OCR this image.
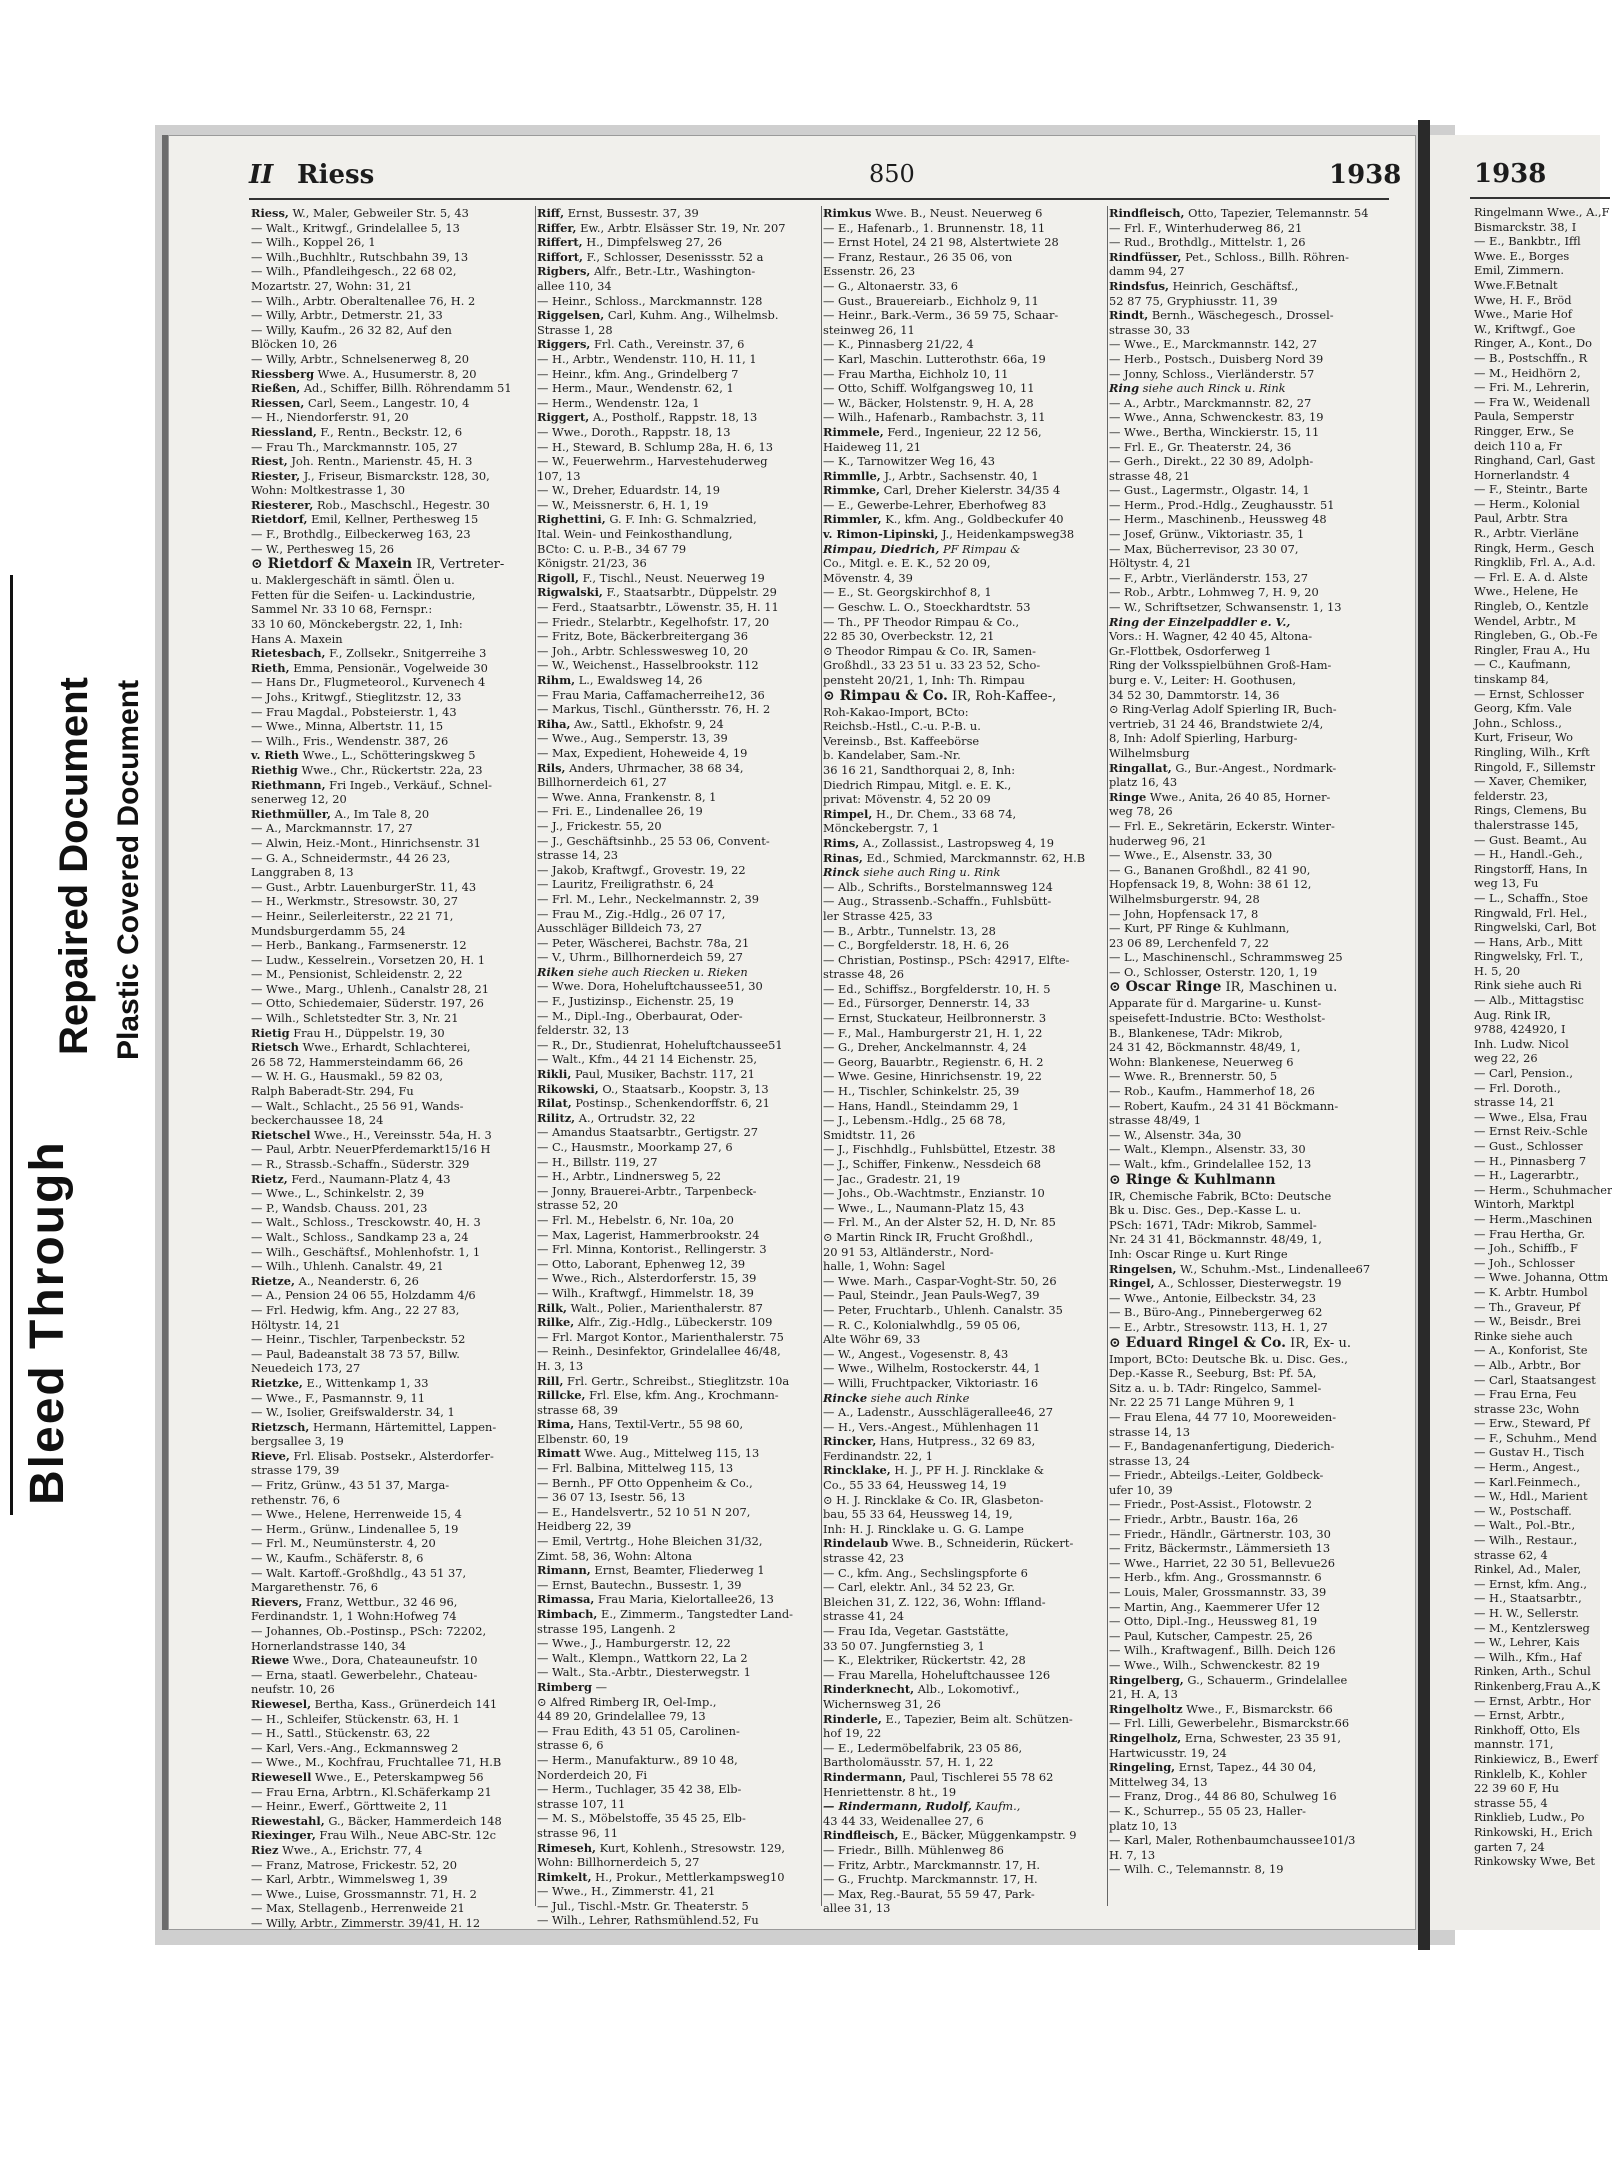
Bleed Through
Repaired Document Plastic Covered Document
II Riess	850	1938
Riess, W., Maler, Gebweiler Str. 5, 43
— Walt., Kritwgf., Grindelallee 5, 13
— Wilh., Koppel 26, 1
— Wilh.,Buchhltr., Rutschbahn 39, 13
— Wilh., Pfandleihgesch., 22 68 02,
Mozartstr. 27, Wohn: 31, 21
— Wilh., Arbtr. Oberaltenallee 76, H. 2
— Willy, Arbtr., Detmerstr. 21, 33
— Willy, Kaufm., 26 32 82, Auf den
Blöcken 10, 26
— Willy, Arbtr., Schnelsenerweg 8, 20
Riessberg Wwe. A., Husumerstr. 8, 20
Rießen, Ad., Schiffer, Billh. Röhrendamm 51
Riessen, Carl, Seem., Langestr. 10, 4
— H., Niendorferstr. 91, 20
Riessland, F., Rentn., Beckstr. 12, 6
— Frau Th., Marckmannstr. 105, 27
Riest, Joh. Rentn., Marienstr. 45, H. 3
Riester, J., Friseur, Bismarckstr. 128, 30,
Wohn: Moltkestrasse 1, 30
Riesterer, Rob., Maschschl., Hegestr. 30
Rietdorf, Emil, Kellner, Perthesweg 15
— F., Brothdlg., Eilbeckerweg 163, 23
— W., Perthesweg 15, 26
⊙ Rietdorf & Maxein IR, Vertreter-
u. Maklergeschäft in sämtl. Ölen u.
Fetten für die Seifen- u. Lackindustrie,
Sammel Nr. 33 10 68, Fernspr.:
33 10 60, Mönckebergstr. 22, 1, Inh:
Hans A. Maxein
Rietesbach, F., Zollsekr., Snitgerreihe 3
Rieth, Emma, Pensionär., Vogelweide 30
— Hans Dr., Flugmeteorol., Kurvenech 4
— Johs., Kritwgf., Stieglitzstr. 12, 33
— Frau Magdal., Pobsteierstr. 1, 43
— Wwe., Minna, Albertstr. 11, 15
— Wilh., Fris., Wendenstr. 387, 26
v. Rieth Wwe., L., Schötteringskweg 5
Riethig Wwe., Chr., Rückertstr. 22a, 23
Riethmann, Fri Ingeb., Verkäuf., Schnel-
senerweg 12, 20
Riethmüller, A., Im Tale 8, 20
— A., Marckmannstr. 17, 27
— Alwin, Heiz.-Mont., Hinrichsenstr. 31
— G. A., Schneidermstr., 44 26 23,
Langgraben 8, 13
— Gust., Arbtr. LauenburgerStr. 11, 43
— H., Werkmstr., Stresowstr. 30, 27
— Heinr., Seilerleiterstr., 22 21 71,
Mundsburgerdamm 55, 24
— Herb., Bankang., Farmsenerstr. 12
— Ludw., Kesselrein., Vorsetzen 20, H. 1
— M., Pensionist, Schleidenstr. 2, 22
— Wwe., Marg., Uhlenh., Canalstr 28, 21
— Otto, Schiedemaier, Süderstr. 197, 26
— Wilh., Schletstedter Str. 3, Nr. 21
Rietig Frau H., Düppelstr. 19, 30
Rietsch Wwe., Erhardt, Schlachterei,
26 58 72, Hammersteindamm 66, 26
— W. H. G., Hausmakl., 59 82 03,
Ralph Baberadt-Str. 294, Fu
— Walt., Schlacht., 25 56 91, Wands-
beckerchaussee 18, 24
Rietschel Wwe., H., Vereinsstr. 54a, H. 3
— Paul, Arbtr. NeuerPferdemarkt15/16 H
— R., Strassb.-Schaffn., Süderstr. 329
Rietz, Ferd., Naumann-Platz 4, 43
— Wwe., L., Schinkelstr. 2, 39
— P., Wandsb. Chauss. 201, 23
— Walt., Schloss., Tresckowstr. 40, H. 3
— Walt., Schloss., Sandkamp 23 a, 24
— Wilh., Geschäftsf., Mohlenhofstr. 1, 1
— Wilh., Uhlenh. Canalstr. 49, 21
Rietze, A., Neanderstr. 6, 26
— A., Pension 24 06 55, Holzdamm 4/6
— Frl. Hedwig, kfm. Ang., 22 27 83,
Höltystr. 14, 21
— Heinr., Tischler, Tarpenbeckstr. 52
— Paul, Badeanstalt 38 73 57, Billw.
Neuedeich 173, 27
Rietzke, E., Wittenkamp 1, 33
— Wwe., F., Pasmannstr. 9, 11
— W., Isolier, Greifswalderstr. 34, 1
Rietzsch, Hermann, Härtemittel, Lappen-
bergsallee 3, 19
Rieve, Frl. Elisab. Postsekr., Alsterdorfer-
strasse 179, 39
— Fritz, Grünw., 43 51 37, Marga-
rethenstr. 76, 6
— Wwe., Helene, Herrenweide 15, 4
— Herm., Grünw., Lindenallee 5, 19
— Frl. M., Neumünsterstr. 4, 20
— W., Kaufm., Schäferstr. 8, 6
— Walt. Kartoff.-Großhdlg., 43 51 37,
Margarethenstr. 76, 6
Rievers, Franz, Wettbur., 32 46 96,
Ferdinandstr. 1, 1 Wohn:Hofweg 74
— Johannes, Ob.-Postinsp., PSch: 72202,
Hornerlandstrasse 140, 34
Riewe Wwe., Dora, Chateauneufstr. 10
— Erna, staatl. Gewerbelehr., Chateau-
neufstr. 10, 26
Riewesel, Bertha, Kass., Grünerdeich 141
— H., Schleifer, Stückenstr. 63, H. 1
— H., Sattl., Stückenstr. 63, 22
— Karl, Vers.-Ang., Eckmannsweg 2
— Wwe., M., Kochfrau, Fruchtallee 71, H.B
Riewesell Wwe., E., Peterskampweg 56
— Frau Erna, Arbtrn., Kl.Schäferkamp 21
— Heinr., Ewerf., Görttweite 2, 11
Riewestahl, G., Bäcker, Hammerdeich 148
Riexinger, Frau Wilh., Neue ABC-Str. 12c
Riez Wwe., A., Erichstr. 77, 4
— Franz, Matrose, Frickestr. 52, 20
— Karl, Arbtr., Wimmelsweg 1, 39
— Wwe., Luise, Grossmannstr. 71, H. 2
— Max, Stellagenb., Herrenweide 21
— Willy, Arbtr., Zimmerstr. 39/41, H. 12
Riff, Ernst, Bussestr. 37, 39
Riffer, Ew., Arbtr. Elsässer Str. 19, Nr. 207
Riffert, H., Dimpfelsweg 27, 26
Riffort, F., Schlosser, Desenissstr. 52 a
Rigbers, Alfr., Betr.-Ltr., Washington-
allee 110, 34
— Heinr., Schloss., Marckmannstr. 128
Riggelsen, Carl, Kuhm. Ang., Wilhelmsb.
Strasse 1, 28
Riggers, Frl. Cath., Vereinstr. 37, 6
— H., Arbtr., Wendenstr. 110, H. 11, 1
— Heinr., kfm. Ang., Grindelberg 7
— Herm., Maur., Wendenstr. 62, 1
— Herm., Wendenstr. 12a, 1
Riggert, A., Postholf., Rappstr. 18, 13
— Wwe., Doroth., Rappstr. 18, 13
— H., Steward, B. Schlump 28a, H. 6, 13
— W., Feuerwehrm., Harvestehuderweg
107, 13
— W., Dreher, Eduardstr. 14, 19
— W., Meissnerstr. 6, H. 1, 19
Righettini, G. F. Inh: G. Schmalzried,
Ital. Wein- und Feinkosthandlung,
BCto: C. u. P.-B., 34 67 79
Königstr. 21/23, 36
Rigoll, F., Tischl., Neust. Neuerweg 19
Rigwalski, F., Staatsarbtr., Düppelstr. 29
— Ferd., Staatsarbtr., Löwenstr. 35, H. 11
— Friedr., Stelarbtr., Kegelhofstr. 17, 20
— Fritz, Bote, Bäckerbreitergang 36
— Joh., Arbtr. Schlesswesweg 10, 20
— W., Weichenst., Hasselbrookstr. 112
Rihm, L., Ewaldsweg 14, 26
— Frau Maria, Caffamacherreihe12, 36
— Markus, Tischl., Günthersstr. 76, H. 2
Riha, Aw., Sattl., Ekhofstr. 9, 24
— Wwe., Aug., Semperstr. 13, 39
— Max, Expedient, Hoheweide 4, 19
Rils, Anders, Uhrmacher, 38 68 34,
Billhornerdeich 61, 27
— Wwe. Anna, Frankenstr. 8, 1
— Fri. E., Lindenallee 26, 19
— J., Frickestr. 55, 20
— J., Geschäftsinhb., 25 53 06, Convent-
strasse 14, 23
— Jakob, Kraftwgf., Grovestr. 19, 22
— Lauritz, Freiligrathstr. 6, 24
— Frl. M., Lehr., Neckelmannstr. 2, 39
— Frau M., Zig.-Hdlg., 26 07 17,
Ausschläger Billdeich 73, 27
— Peter, Wäscherei, Bachstr. 78a, 21
— V., Uhrm., Billhornerdeich 59, 27
Riken siehe auch Riecken u. Rieken
— Wwe. Dora, Hoheluftchaussee51, 30
— F., Justizinsp., Eichenstr. 25, 19
— M., Dipl.-Ing., Oberbaurat, Oder-
felderstr. 32, 13
— R., Dr., Studienrat, Hoheluftchaussee51
— Walt., Kfm., 44 21 14 Eichenstr. 25,
Rikli, Paul, Musiker, Bachstr. 117, 21
Rikowski, O., Staatsarb., Koopstr. 3, 13
Rilat, Postinsp., Schenkendorffstr. 6, 21
Rilitz, A., Ortrudstr. 32, 22
— Amandus Staatsarbtr., Gertigstr. 27
— C., Hausmstr., Moorkamp 27, 6
— H., Billstr. 119, 27
— H., Arbtr., Lindnersweg 5, 22
— Jonny, Brauerei-Arbtr., Tarpenbeck-
strasse 52, 20
— Frl. M., Hebelstr. 6, Nr. 10a, 20
— Max, Lagerist, Hammerbrookstr. 24
— Frl. Minna, Kontorist., Rellingerstr. 3
— Otto, Laborant, Ephenweg 12, 39
— Wwe., Rich., Alsterdorferstr. 15, 39
— Wilh., Kraftwgf., Himmelstr. 18, 39
Rilk, Walt., Polier., Marienthalerstr. 87
Rilke, Alfr., Zig.-Hdlg., Lübeckerstr. 109
— Frl. Margot Kontor., Marienthalerstr. 75
— Reinh., Desinfektor, Grindelallee 46/48,
H. 3, 13
Rill, Frl. Gertr., Schreibst., Stieglitzstr. 10a
Rillcke, Frl. Else, kfm. Ang., Krochmann-
strasse 68, 39
Rima, Hans, Textil-Vertr., 55 98 60,
Elbenstr. 60, 19
Rimatt Wwe. Aug., Mittelweg 115, 13
— Frl. Balbina, Mittelweg 115, 13
— Bernh., PF Otto Oppenheim & Co.,
— 36 07 13, Isestr. 56, 13
— E., Handelsvertr., 52 10 51 N 207,
Heidberg 22, 39
— Emil, Vertrtg., Hohe Bleichen 31/32,
Zimt. 58, 36, Wohn: Altona
Rimann, Ernst, Beamter, Fliederweg 1
— Ernst, Bautechn., Bussestr. 1, 39
Rimassa, Frau Maria, Kielortallee26, 13
Rimbach, E., Zimmerm., Tangstedter Land-
strasse 195, Langenh. 2
— Wwe., J., Hamburgerstr. 12, 22
— Walt., Klempn., Wattkorn 22, La 2
— Walt., Sta.-Arbtr., Diesterwegstr. 1
Rimberg —
⊙ Alfred Rimberg IR, Oel-Imp.,
44 89 20, Grindelallee 79, 13
— Frau Edith, 43 51 05, Carolinen-
strasse 6, 6
— Herm., Manufakturw., 89 10 48,
Norderdeich 20, Fi
— Herm., Tuchlager, 35 42 38, Elb-
strasse 107, 11
— M. S., Möbelstoffe, 35 45 25, Elb-
strasse 96, 11
Rimeseh, Kurt, Kohlenh., Stresowstr. 129,
Wohn: Billhornerdeich 5, 27
Rimkelt, H., Prokur., Mettlerkampsweg10
— Wwe., H., Zimmerstr. 41, 21
— Jul., Tischl.-Mstr. Gr. Theaterstr. 5
— Wilh., Lehrer, Rathsmühlend.52, Fu
Rimkus Wwe. B., Neust. Neuerweg 6
— E., Hafenarb., 1. Brunnenstr. 18, 11
— Ernst Hotel, 24 21 98, Alstertwiete 28
— Franz, Restaur., 26 35 06, von
Essenstr. 26, 23
— G., Altonaerstr. 33, 6
— Gust., Brauereiarb., Eichholz 9, 11
— Heinr., Bark.-Verm., 36 59 75, Schaar-
steinweg 26, 11
— K., Pinnasberg 21/22, 4
— Karl, Maschin. Lutterothstr. 66a, 19
— Frau Martha, Eichholz 10, 11
— Otto, Schiff. Wolfgangsweg 10, 11
— W., Bäcker, Holstenstr. 9, H. A, 28
— Wilh., Hafenarb., Rambachstr. 3, 11
Rimmele, Ferd., Ingenieur, 22 12 56,
Haideweg 11, 21
— K., Tarnowitzer Weg 16, 43
Rimmlle, J., Arbtr., Sachsenstr. 40, 1
Rimmke, Carl, Dreher Kielerstr. 34/35 4
— E., Gewerbe-Lehrer, Eberhofweg 83
Rimmler, K., kfm. Ang., Goldbeckufer 40
v. Rimon-Lipinski, J., Heidenkampsweg38
Rimpau, Diedrich, PF Rimpau &
Co., Mitgl. e. E. K., 52 20 09,
Mövenstr. 4, 39
— E., St. Georgskirchhof 8, 1
— Geschw. L. O., Stoeckhardtstr. 53
— Th., PF Theodor Rimpau & Co.,
22 85 30, Overbeckstr. 12, 21
⊙ Theodor Rimpau & Co. IR, Samen-
Großhdl., 33 23 51 u. 33 23 52, Scho-
pensteht 20/21, 1, Inh: Th. Rimpau
⊙ Rimpau & Co. IR, Roh-Kaffee-,
Roh-Kakao-Import, BCto:
Reichsb.-Hstl., C.-u. P.-B. u.
Vereinsb., Bst. Kaffeebörse
b. Kandelaber, Sam.-Nr.
36 16 21, Sandthorquai 2, 8, Inh:
Diedrich Rimpau, Mitgl. e. E. K.,
privat: Mövenstr. 4, 52 20 09
Rimpel, H., Dr. Chem., 33 68 74,
Mönckebergstr. 7, 1
Rims, A., Zollassist., Lastropsweg 4, 19
Rinas, Ed., Schmied, Marckmannstr. 62, H.B
Rinck siehe auch Ring u. Rink
— Alb., Schrifts., Borstelmannsweg 124
— Aug., Strassenb.-Schaffn., Fuhlsbütt-
ler Strasse 425, 33
— B., Arbtr., Tunnelstr. 13, 28
— C., Borgfelderstr. 18, H. 6, 26
— Christian, Postinsp., PSch: 42917, Elfte-
strasse 48, 26
— Ed., Schiffsz., Borgfelderstr. 10, H. 5
— Ed., Fürsorger, Dennerstr. 14, 33
— Ernst, Stuckateur, Heilbronnerstr. 3
— F., Mal., Hamburgerstr 21, H. 1, 22
— G., Dreher, Anckelmannstr. 4, 24
— Georg, Bauarbtr., Regienstr. 6, H. 2
— Wwe. Gesine, Hinrichsenstr. 19, 22
— H., Tischler, Schinkelstr. 25, 39
— Hans, Handl., Steindamm 29, 1
— J., Lebensm.-Hdlg., 25 68 78,
Smidtstr. 11, 26
— J., Fischhdlg., Fuhlsbüttel, Etzestr. 38
— J., Schiffer, Finkenw., Nessdeich 68
— Jac., Gradestr. 21, 19
— Johs., Ob.-Wachtmstr., Enzianstr. 10
— Wwe., L., Naumann-Platz 15, 43
— Frl. M., An der Alster 52, H. D, Nr. 85
⊙ Martin Rinck IR, Frucht Großhdl.,
20 91 53, Altländerstr., Nord-
halle, 1, Wohn: Sagel
— Wwe. Marh., Caspar-Voght-Str. 50, 26
— Paul, Steindr., Jean Pauls-Weg7, 39
— Peter, Fruchtarb., Uhlenh. Canalstr. 35
— R. C., Kolonialwhdlg., 59 05 06,
Alte Wöhr 69, 33
— W., Angest., Vogesenstr. 8, 43
— Wwe., Wilhelm, Rostockerstr. 44, 1
— Willi, Fruchtpacker, Viktoriastr. 16
Rincke siehe auch Rinke
— A., Ladenstr., Ausschlägerallee46, 27
— H., Vers.-Angest., Mühlenhagen 11
Rincker, Hans, Hutpress., 32 69 83,
Ferdinandstr. 22, 1
Rincklake, H. J., PF H. J. Rincklake &
Co., 55 33 64, Heussweg 14, 19
⊙ H. J. Rincklake & Co. IR, Glasbeton-
bau, 55 33 64, Heussweg 14, 19,
Inh: H. J. Rincklake u. G. G. Lampe
Rindelaub Wwe. B., Schneiderin, Rückert-
strasse 42, 23
— C., kfm. Ang., Sechslingspforte 6
— Carl, elektr. Anl., 34 52 23, Gr.
Bleichen 31, Z. 122, 36, Wohn: Iffland-
strasse 41, 24
— Frau Ida, Vegetar. Gaststätte,
33 50 07. Jungfernstieg 3, 1
— K., Elektriker, Rückertstr. 42, 28
— Frau Marella, Hoheluftchaussee 126
Rinderknecht, Alb., Lokomotivf.,
Wichernsweg 31, 26
Rinderle, E., Tapezier, Beim alt. Schützen-
hof 19, 22
— E., Ledermöbelfabrik, 23 05 86,
Bartholomäusstr. 57, H. 1, 22
Rindermann, Paul, Tischlerei 55 78 62
Henriettenstr. 8 ht., 19
— Rindermann, Rudolf, Kaufm.,
43 44 33, Weidenallee 27, 6
Rindfleisch, E., Bäcker, Müggenkampstr. 9
— Friedr., Billh. Mühlenweg 86
— Fritz, Arbtr., Marckmannstr. 17, H.
— G., Fruchtp. Marckmannstr. 17, H.
— Max, Reg.-Baurat, 55 59 47, Park-
allee 31, 13
Rindfleisch, Otto, Tapezier, Telemannstr. 54
— Frl. F., Winterhuderweg 86, 21
— Rud., Brothdlg., Mittelstr. 1, 26
Rindfüsser, Pet., Schloss., Billh. Röhren-
damm 94, 27
Rindsfus, Heinrich, Geschäftsf.,
52 87 75, Gryphiusstr. 11, 39
Rindt, Bernh., Wäschegesch., Drossel-
strasse 30, 33
— Wwe., E., Marckmannstr. 142, 27
— Herb., Postsch., Duisberg Nord 39
— Jonny, Schloss., Vierländerstr. 57
Ring siehe auch Rinck u. Rink
— A., Arbtr., Marckmannstr. 82, 27
— Wwe., Anna, Schwenckestr. 83, 19
— Wwe., Bertha, Winckierstr. 15, 11
— Frl. E., Gr. Theaterstr. 24, 36
— Gerh., Direkt., 22 30 89, Adolph-
strasse 48, 21
— Gust., Lagermstr., Olgastr. 14, 1
— Herm., Prod.-Hdlg., Zeughausstr. 51
— Herm., Maschinenb., Heussweg 48
— Josef, Grünw., Viktoriastr. 35, 1
— Max, Bücherrevisor, 23 30 07,
Höltystr. 4, 21
— F., Arbtr., Vierländerstr. 153, 27
— Rob., Arbtr., Lohmweg 7, H. 9, 20
— W., Schriftsetzer, Schwansenstr. 1, 13
Ring der Einzelpaddler e. V.,
Vors.: H. Wagner, 42 40 45, Altona-
Gr.-Flottbek, Osdorferweg 1
Ring der Volksspielbühnen Groß-Ham-
burg e. V., Leiter: H. Goothusen,
34 52 30, Dammtorstr. 14, 36
⊙ Ring-Verlag Adolf Spierling IR, Buch-
vertrieb, 31 24 46, Brandstwiete 2/4,
8, Inh: Adolf Spierling, Harburg-
Wilhelmsburg
Ringallat, G., Bur.-Angest., Nordmark-
platz 16, 43
Ringe Wwe., Anita, 26 40 85, Horner-
weg 78, 26
— Frl. E., Sekretärin, Eckerstr. Winter-
huderweg 96, 21
— Wwe., E., Alsenstr. 33, 30
— G., Bananen Großhdl., 82 41 90,
Hopfensack 19, 8, Wohn: 38 61 12,
Wilhelmsburgerstr. 94, 28
— John, Hopfensack 17, 8
— Kurt, PF Ringe & Kuhlmann,
23 06 89, Lerchenfeld 7, 22
— L., Maschinenschl., Schrammsweg 25
— O., Schlosser, Osterstr. 120, 1, 19
⊙ Oscar Ringe IR, Maschinen u.
Apparate für d. Margarine- u. Kunst-
speisefett-Industrie. BCto: Westholst-
B., Blankenese, TAdr: Mikrob,
24 31 42, Böckmannstr. 48/49, 1,
Wohn: Blankenese, Neuerweg 6
— Wwe. R., Brennerstr. 50, 5
— Rob., Kaufm., Hammerhof 18, 26
— Robert, Kaufm., 24 31 41 Böckmann-
strasse 48/49, 1
— W., Alsenstr. 34a, 30
— Walt., Klempn., Alsenstr. 33, 30
— Walt., kfm., Grindelallee 152, 13
⊙ Ringe & Kuhlmann
IR, Chemische Fabrik, BCto: Deutsche
Bk u. Disc. Ges., Dep.-Kasse L. u.
PSch: 1671, TAdr: Mikrob, Sammel-
Nr. 24 31 41, Böckmannstr. 48/49, 1,
Inh: Oscar Ringe u. Kurt Ringe
Ringelsen, W., Schuhm.-Mst., Lindenallee67
Ringel, A., Schlosser, Diesterwegstr. 19
— Wwe., Antonie, Eilbeckstr. 34, 23
— B., Büro-Ang., Pinnebergerweg 62
— E., Arbtr., Stresowstr. 113, H. 1, 27
⊙ Eduard Ringel & Co. IR, Ex- u.
Import, BCto: Deutsche Bk. u. Disc. Ges.,
Dep.-Kasse R., Seeburg, Bst: Pf. 5A,
Sitz a. u. b. TAdr: Ringelco, Sammel-
Nr. 22 25 71 Lange Mühren 9, 1
— Frau Elena, 44 77 10, Mooreweiden-
strasse 14, 13
— F., Bandagenanfertigung, Diederich-
strasse 13, 24
— Friedr., Abteilgs.-Leiter, Goldbeck-
ufer 10, 39
— Friedr., Post-Assist., Flotowstr. 2
— Friedr., Arbtr., Baustr. 16a, 26
— Friedr., Händlr., Gärtnerstr. 103, 30
— Fritz, Bäckermstr., Lämmersieth 13
— Wwe., Harriet, 22 30 51, Bellevue26
— Herb., kfm. Ang., Grossmannstr. 6
— Louis, Maler, Grossmannstr. 33, 39
— Martin, Ang., Kaemmerer Ufer 12
— Otto, Dipl.-Ing., Heussweg 81, 19
— Paul, Kutscher, Campestr. 25, 26
— Wilh., Kraftwagenf., Billh. Deich 126
— Wwe., Wilh., Schwenckestr. 82 19
Ringelberg, G., Schauerm., Grindelallee
21, H. A, 13
Ringelholtz Wwe., F., Bismarckstr. 66
— Frl. Lilli, Gewerbelehr., Bismarckstr.66
Ringelholz, Erna, Schwester, 23 35 91,
Hartwicusstr. 19, 24
Ringeling, Ernst, Tapez., 44 30 04,
Mittelweg 34, 13
— Franz, Drog., 44 86 80, Schulweg 16
— K., Schurrep., 55 05 23, Haller-
platz 10, 13
— Karl, Maler, Rothenbaumchaussee101/3
H. 7, 13
— Wilh. C., Telemannstr. 8, 19
1938
Ringelmann Wwe., A.,F
Bismarckstr. 38, I
— E., Bankbtr., Iffl
Wwe. E., Borges
Emil, Zimmern.
Wwe.F.Betnalt
Wwe, H. F., Bröd
Wwe., Marie Hof
W., Kriftwgf., Goe
Ringer, A., Kont., Do
— B., Postschffn., R
— M., Heidhörn 2,
— Fri. M., Lehrerin,
— Fra W., Weidenall
Paula, Semperstr
Ringger, Erw., Se
deich 110 a, Fr
Ringhand, Carl, Gast
Hornerlandstr. 4
— F., Steintr., Barte
— Herm., Kolonial
Paul, Arbtr. Stra
R., Arbtr. Vierläne
Ringk, Herm., Gesch
Ringklib, Frl. A., A.d.
— Frl. E. A. d. Alste
Wwe., Helene, He
Ringleb, O., Kentzle
Wendel, Arbtr., M
Ringleben, G., Ob.-Fe
Ringler, Frau A., Hu
— C., Kaufmann,
tinskamp 84,
— Ernst, Schlosser
Georg, Kfm. Vale
John., Schloss.,
Kurt, Friseur, Wo
Ringling, Wilh., Krft
Ringold, F., Sillemstr
— Xaver, Chemiker,
felderstr. 23,
Rings, Clemens, Bu
thalerstrasse 145,
— Gust. Beamt., Au
— H., Handl.-Geh.,
Ringstorff, Hans, In
weg 13, Fu
— L., Schaffn., Stoe
Ringwald, Frl. Hel.,
Ringwelski, Carl, Bot
— Hans, Arb., Mitt
Ringwelsky, Frl. T.,
H. 5, 20
Rink siehe auch Ri
— Alb., Mittagstisc
Aug. Rink IR,
9788, 424920, I
Inh. Ludw. Nicol
weg 22, 26
— Carl, Pension.,
— Frl. Doroth.,
strasse 14, 21
— Wwe., Elsa, Frau
— Ernst Reiv.-Schle
— Gust., Schlosser
— H., Pinnasberg 7
— H., Lagerarbtr.,
— Herm., Schuhmacher
Wintorh, Marktpl
— Herm.,Maschinen
— Frau Hertha, Gr.
— Joh., Schiffb., F
— Joh., Schlosser
— Wwe. Johanna, Ottm
— K. Arbtr. Humbol
— Th., Graveur, Pf
— W., Beisdr., Brei
Rinke siehe auch
— A., Konforist, Ste
— Alb., Arbtr., Bor
— Carl, Staatsangest
— Frau Erna, Feu
strasse 23c, Wohn
— Erw., Steward, Pf
— F., Schuhm., Mend
— Gustav H., Tisch
— Herm., Angest.,
— Karl.Feinmech.,
— W., Hdl., Marient
— W., Postschaff.
— Walt., Pol.-Btr.,
— Wilh., Restaur.,
strasse 62, 4
Rinkel, Ad., Maler,
— Ernst, kfm. Ang.,
— H., Staatsarbtr.,
— H. W., Sellerstr.
— M., Kentzlersweg
— W., Lehrer, Kais
— Wilh., Kfm., Haf
Rinken, Arth., Schul
Rinkenberg,Frau A.,K
— Ernst, Arbtr., Hor
— Ernst, Arbtr.,
Rinkhoff, Otto, Els
mannstr. 171,
Rinkiewicz, B., Ewerf
Rinklelb, K., Kohler
22 39 60 F, Hu
strasse 55, 4
Rinklieb, Ludw., Po
Rinkowski, H., Erich
garten 7, 24
Rinkowsky Wwe, Bet
